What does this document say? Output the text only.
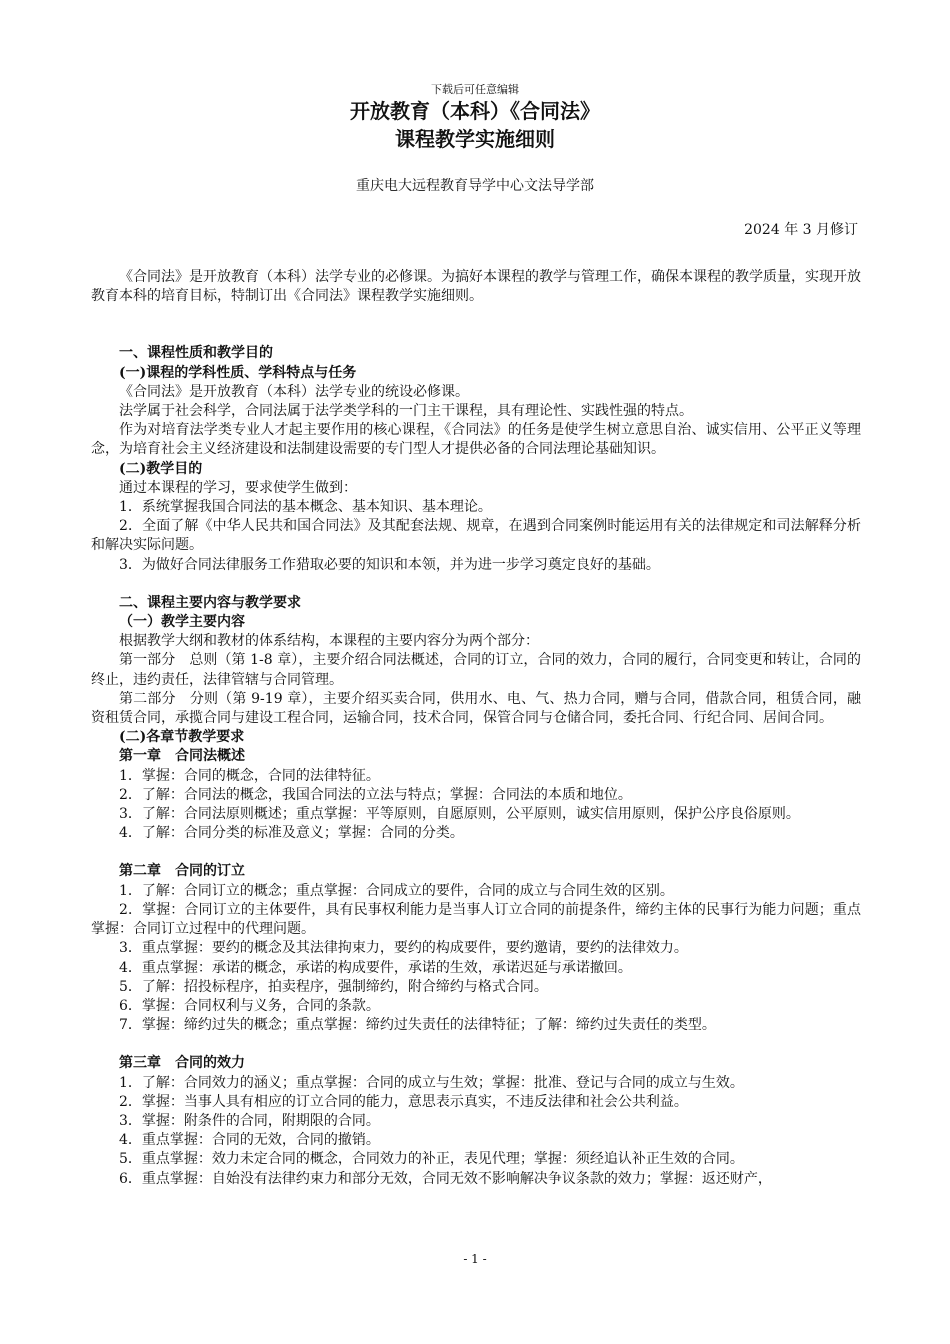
下载后可任意编辑
开放教育（本科）《合同法》
课程教学实施细则
重庆电大远程教育导学中心文法导学部
2024 年 3 月修订

《合同法》是开放教育（本科）法学专业的必修课。为搞好本课程的教学与管理工作，确保本课程的教学质量，实现开放教育本科的培育目标，特制订出《合同法》课程教学实施细则。

一、课程性质和教学目的

(一)课程的学科性质、学科特点与任务

《合同法》是开放教育（本科）法学专业的统设必修课。

法学属于社会科学，合同法属于法学类学科的一门主干课程，具有理论性、实践性强的特点。

作为对培育法学类专业人才起主要作用的核心课程，《合同法》的任务是使学生树立意思自治、诚实信用、公平正义等理念，为培育社会主义经济建设和法制建设需要的专门型人才提供必备的合同法理论基础知识。

(二)教学目的

通过本课程的学习，要求使学生做到：

1．系统掌握我国合同法的基本概念、基本知识、基本理论。

2．全面了解《中华人民共和国合同法》及其配套法规、规章，在遇到合同案例时能运用有关的法律规定和司法解释分析和解决实际问题。

3．为做好合同法律服务工作猎取必要的知识和本领，并为进一步学习奠定良好的基础。

二、课程主要内容与教学要求

（一）教学主要内容

根据教学大纲和教材的体系结构，本课程的主要内容分为两个部分：

第一部分　总则（第 1-8 章），主要介绍合同法概述，合同的订立，合同的效力，合同的履行，合同变更和转让，合同的终止，违约责任，法律管辖与合同管理。

第二部分　分则（第 9-19 章），主要介绍买卖合同，供用水、电、气、热力合同，赠与合同，借款合同，租赁合同，融资租赁合同，承揽合同与建设工程合同，运输合同，技术合同，保管合同与仓储合同，委托合同、行纪合同、居间合同。

(二)各章节教学要求

第一章　合同法概述

1．掌握：合同的概念，合同的法律特征。

2．了解：合同法的概念，我国合同法的立法与特点；掌握：合同法的本质和地位。

3．了解：合同法原则概述；重点掌握：平等原则，自愿原则，公平原则，诚实信用原则，保护公序良俗原则。

4．了解：合同分类的标准及意义；掌握：合同的分类。

第二章　合同的订立

1．了解：合同订立的概念；重点掌握：合同成立的要件，合同的成立与合同生效的区别。

2．掌握：合同订立的主体要件，具有民事权利能力是当事人订立合同的前提条件，缔约主体的民事行为能力问题；重点掌握：合同订立过程中的代理问题。

3．重点掌握：要约的概念及其法律拘束力，要约的构成要件，要约邀请，要约的法律效力。

4．重点掌握：承诺的概念，承诺的构成要件，承诺的生效，承诺迟延与承诺撤回。

5．了解：招投标程序，拍卖程序，强制缔约，附合缔约与格式合同。

6．掌握：合同权利与义务，合同的条款。

7．掌握：缔约过失的概念；重点掌握：缔约过失责任的法律特征；了解：缔约过失责任的类型。

第三章　合同的效力

1．了解：合同效力的涵义；重点掌握：合同的成立与生效；掌握：批准、登记与合同的成立与生效。

2．掌握：当事人具有相应的订立合同的能力，意思表示真实，不违反法律和社会公共利益。

3．掌握：附条件的合同，附期限的合同。

4．重点掌握：合同的无效，合同的撤销。

5．重点掌握：效力未定合同的概念，合同效力的补正，表见代理；掌握：须经追认补正生效的合同。

6．重点掌握：自始没有法律约束力和部分无效，合同无效不影响解决争议条款的效力；掌握：返还财产，

- 1 -
